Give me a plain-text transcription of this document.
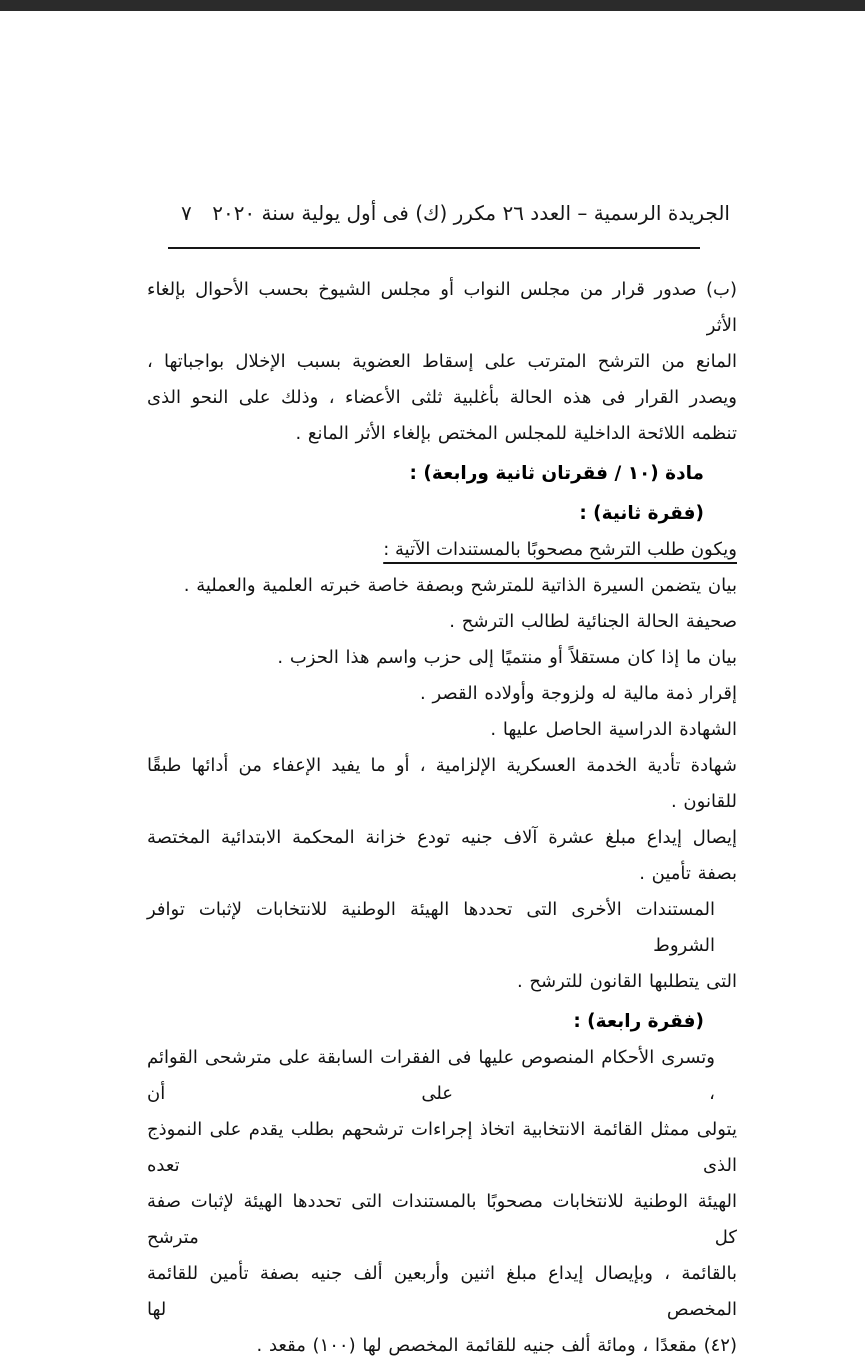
الجريدة الرسمية – العدد ٢٦ مكرر (ك) فى أول يولية سنة ٢٠٢٠
٧
(ب) صدور قرار من مجلس النواب أو مجلس الشيوخ بحسب الأحوال بإلغاء الأثر
المانع من الترشح المترتب على إسقاط العضوية بسبب الإخلال بواجباتها ،
ويصدر القرار فى هذه الحالة بأغلبية ثلثى الأعضاء ، وذلك على النحو الذى
تنظمه اللائحة الداخلية للمجلس المختص بإلغاء الأثر المانع .
مادة (١٠ / فقرتان ثانية ورابعة) :
(فقرة ثانية) :
ويكون طلب الترشح مصحوبًا بالمستندات الآتية :
بيان يتضمن السيرة الذاتية للمترشح وبصفة خاصة خبرته العلمية والعملية .
صحيفة الحالة الجنائية لطالب الترشح .
بيان ما إذا كان مستقلاً أو منتميًا إلى حزب واسم هذا الحزب .
إقرار ذمة مالية له ولزوجة وأولاده القصر .
الشهادة الدراسية الحاصل عليها .
شهادة تأدية الخدمة العسكرية الإلزامية ، أو ما يفيد الإعفاء من أدائها طبقًا للقانون .
إيصال إيداع مبلغ عشرة آلاف جنيه تودع خزانة المحكمة الابتدائية المختصة بصفة تأمين .
المستندات الأخرى التى تحددها الهيئة الوطنية للانتخابات لإثبات توافر الشروط
التى يتطلبها القانون للترشح .
(فقرة رابعة) :
وتسرى الأحكام المنصوص عليها فى الفقرات السابقة على مترشحى القوائم ، على أن
يتولى ممثل القائمة الانتخابية اتخاذ إجراءات ترشحهم بطلب يقدم على النموذج الذى تعده
الهيئة الوطنية للانتخابات مصحوبًا بالمستندات التى تحددها الهيئة لإثبات صفة كل مترشح
بالقائمة ، وبإيصال إيداع مبلغ اثنين وأربعين ألف جنيه بصفة تأمين للقائمة المخصص لها
(٤٢) مقعدًا ، ومائة ألف جنيه للقائمة المخصص لها (١٠٠) مقعد .
